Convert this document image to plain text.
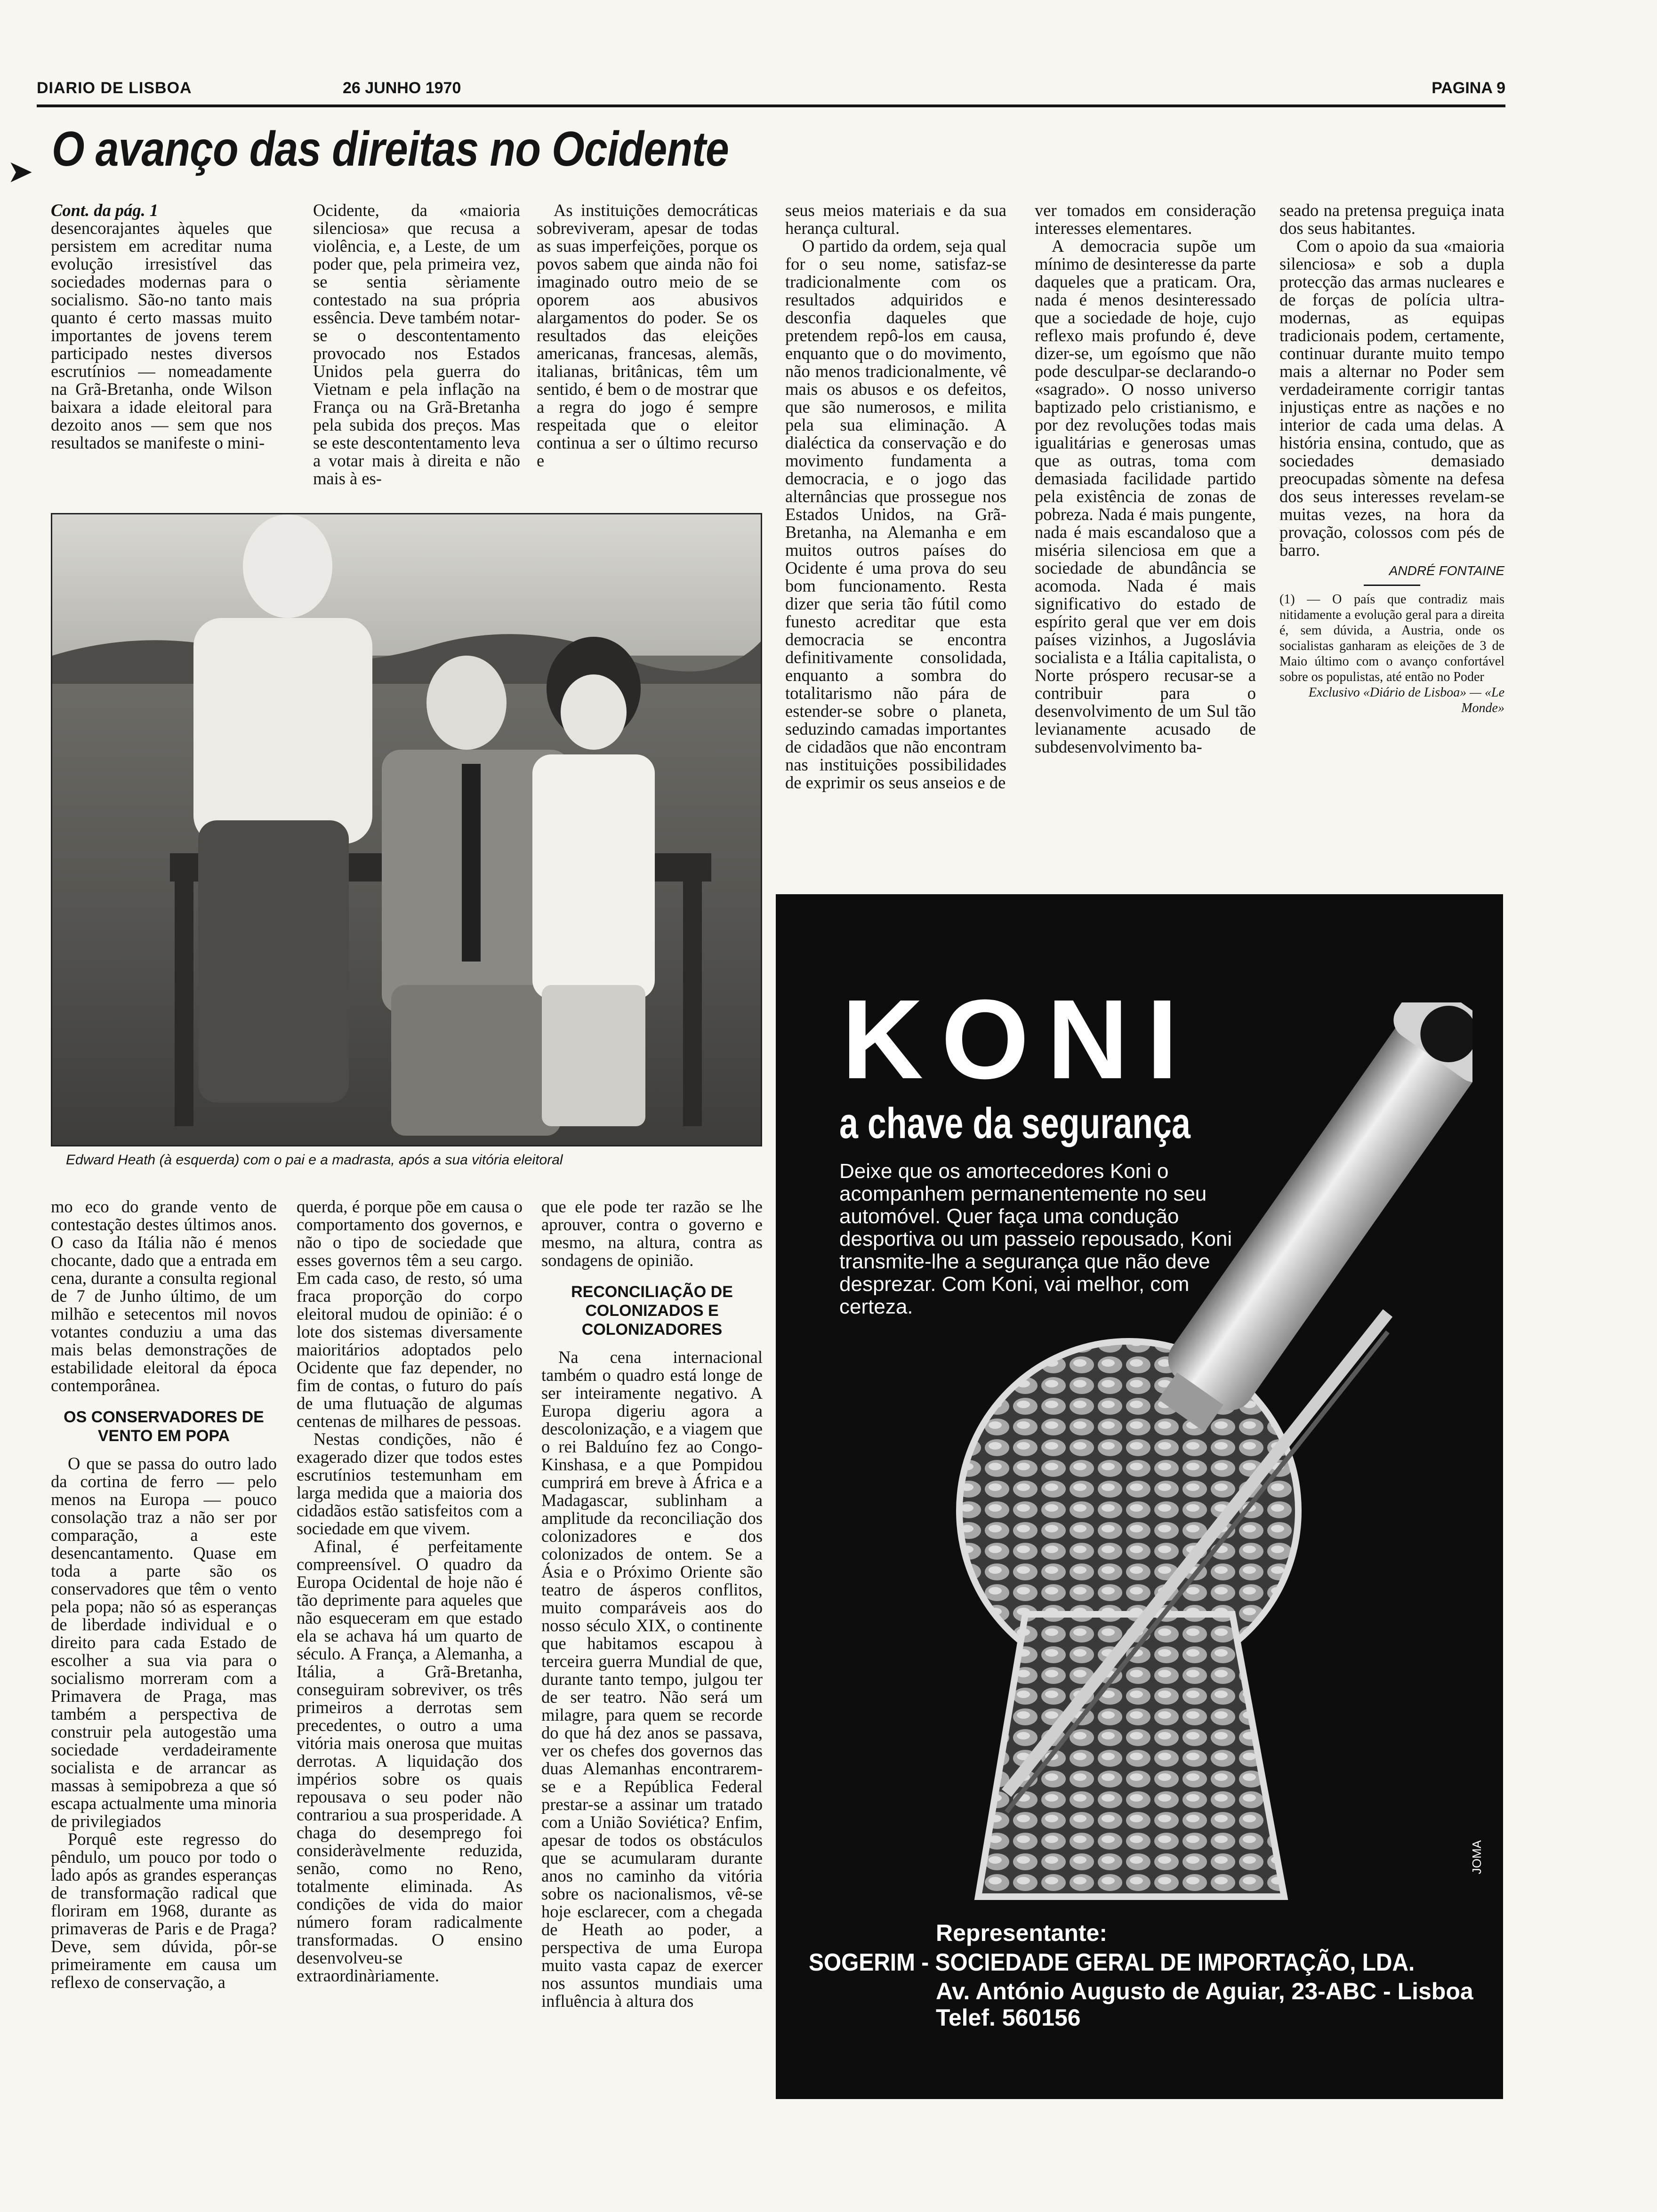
DIARIO DE LISBOA	26 JUNHO 1970	PAGINA 9
➤ O avanço das direitas no Ocidente

Cont. da pág. 1

desencorajantes àqueles que persistem em acreditar numa evolução irresistível das sociedades modernas para o socialismo. São-no tanto mais quanto é certo massas muito importantes de jovens terem participado nestes diversos escrutínios — nomeadamente na Grã-Bretanha, onde Wilson baixara a idade eleitoral para dezoito anos — sem que nos resultados se manifeste o mini-

Ocidente, da «maioria silenciosa» que recusa a violência, e, a Leste, de um poder que, pela primeira vez, se sentia sèriamente contestado na sua própria essência. Deve também notar-se o descontentamento provocado nos Estados Unidos pela guerra do Vietnam e pela inflação na França ou na Grã-Bretanha pela subida dos preços. Mas se este descontentamento leva a votar mais à direita e não mais à es-

As instituições democráticas sobreviveram, apesar de todas as suas imperfeições, porque os povos sabem que ainda não foi imaginado outro meio de se oporem aos abusivos alargamentos do poder. Se os resultados das eleições americanas, francesas, alemãs, italianas, britânicas, têm um sentido, é bem o de mostrar que a regra do jogo é sempre respeitada que o eleitor continua a ser o último recurso e

seus meios materiais e da sua herança cultural.

O partido da ordem, seja qual for o seu nome, satisfaz-se tradicionalmente com os resultados adquiridos e desconfia daqueles que pretendem repô-los em causa, enquanto que o do movimento, não menos tradicionalmente, vê mais os abusos e os defeitos, que são numerosos, e milita pela sua eliminação. A dialéctica da conservação e do movimento fundamenta a democracia, e o jogo das alternâncias que prossegue nos Estados Unidos, na Grã-Bretanha, na Alemanha e em muitos outros países do Ocidente é uma prova do seu bom funcionamento. Resta dizer que seria tão fútil como funesto acreditar que esta democracia se encontra definitivamente consolidada, enquanto a sombra do totalitarismo não pára de estender-se sobre o planeta, seduzindo camadas importantes de cidadãos que não encontram nas instituições possibilidades de exprimir os seus anseios e de

ver tomados em consideração interesses elementares.

A democracia supõe um mínimo de desinteresse da parte daqueles que a praticam. Ora, nada é menos desinteressado que a sociedade de hoje, cujo reflexo mais profundo é, deve dizer-se, um egoísmo que não pode desculpar-se declarando-o «sagrado». O nosso universo baptizado pelo cristianismo, e por dez revoluções todas mais igualitárias e generosas umas que as outras, toma com demasiada facilidade partido pela existência de zonas de pobreza. Nada é mais pungente, nada é mais escandaloso que a miséria silenciosa em que a sociedade de abundância se acomoda. Nada é mais significativo do estado de espírito geral que ver em dois países vizinhos, a Jugoslávia socialista e a Itália capitalista, o Norte próspero recusar-se a contribuir para o desenvolvimento de um Sul tão levianamente acusado de subdesenvolvimento ba-

seado na pretensa preguiça inata dos seus habitantes.

Com o apoio da sua «maioria silenciosa» e sob a dupla protecção das armas nucleares e de forças de polícia ultra-modernas, as equipas tradicionais podem, certamente, continuar durante muito tempo mais a alternar no Poder sem verdadeiramente corrigir tantas injustiças entre as nações e no interior de cada uma delas. A história ensina, contudo, que as sociedades demasiado preocupadas sòmente na defesa dos seus interesses revelam-se muitas vezes, na hora da provação, colossos com pés de barro.

ANDRÉ FONTAINE
(1) — O país que contradiz mais nitidamente a evolução geral para a direita é, sem dúvida, a Austria, onde os socialistas ganharam as eleições de 3 de Maio último com o avanço confortável sobre os populistas, até então no Poder
Exclusivo «Diário de Lisboa» — «Le Monde»
Edward Heath (à esquerda) com o pai e a madrasta, após a sua vitória eleitoral

mo eco do grande vento de contestação destes últimos anos. O caso da Itália não é menos chocante, dado que a entrada em cena, durante a consulta regional de 7 de Junho último, de um milhão e setecentos mil novos votantes conduziu a uma das mais belas demonstrações de estabilidade eleitoral da época contemporânea.

OS CONSERVADORES DE VENTO EM POPA

O que se passa do outro lado da cortina de ferro — pelo menos na Europa — pouco consolação traz a não ser por comparação, a este desencantamento. Quase em toda a parte são os conservadores que têm o vento pela popa; não só as esperanças de liberdade individual e o direito para cada Estado de escolher a sua via para o socialismo morreram com a Primavera de Praga, mas também a perspectiva de construir pela autogestão uma sociedade verdadeiramente socialista e de arrancar as massas à semipobreza a que só escapa actualmente uma minoria de privilegiados

Porquê este regresso do pêndulo, um pouco por todo o lado após as grandes esperanças de transformação radical que floriram em 1968, durante as primaveras de Paris e de Praga? Deve, sem dúvida, pôr-se primeiramente em causa um reflexo de conservação, a

querda, é porque põe em causa o comportamento dos governos, e não o tipo de sociedade que esses governos têm a seu cargo. Em cada caso, de resto, só uma fraca proporção do corpo eleitoral mudou de opinião: é o lote dos sistemas diversamente maioritários adoptados pelo Ocidente que faz depender, no fim de contas, o futuro do país de uma flutuação de algumas centenas de milhares de pessoas.

Nestas condições, não é exagerado dizer que todos estes escrutínios testemunham em larga medida que a maioria dos cidadãos estão satisfeitos com a sociedade em que vivem.

Afinal, é perfeitamente compreensível. O quadro da Europa Ocidental de hoje não é tão deprimente para aqueles que não esqueceram em que estado ela se achava há um quarto de século. A França, a Alemanha, a Itália, a Grã-Bretanha, conseguiram sobreviver, os três primeiros a derrotas sem precedentes, o outro a uma vitória mais onerosa que muitas derrotas. A liquidação dos impérios sobre os quais repousava o seu poder não contrariou a sua prosperidade. A chaga do desemprego foi consideràvelmente reduzida, senão, como no Reno, totalmente eliminada. As condições de vida do maior número foram radicalmente transformadas. O ensino desenvolveu-se extraordinàriamente.

que ele pode ter razão se lhe aprouver, contra o governo e mesmo, na altura, contra as sondagens de opinião.

RECONCILIAÇÃO DE COLONIZADOS E COLONIZADORES

Na cena internacional também o quadro está longe de ser inteiramente negativo. A Europa digeriu agora a descolonização, e a viagem que o rei Balduíno fez ao Congo-Kinshasa, e a que Pompidou cumprirá em breve à África e a Madagascar, sublinham a amplitude da reconciliação dos colonizadores e dos colonizados de ontem. Se a Ásia e o Próximo Oriente são teatro de ásperos conflitos, muito comparáveis aos do nosso século XIX, o continente que habitamos escapou à terceira guerra Mundial de que, durante tanto tempo, julgou ter de ser teatro. Não será um milagre, para quem se recorde do que há dez anos se passava, ver os chefes dos governos das duas Alemanhas encontrarem-se e a República Federal prestar-se a assinar um tratado com a União Soviética? Enfim, apesar de todos os obstáculos que se acumularam durante anos no caminho da vitória sobre os nacionalismos, vê-se hoje esclarecer, com a chegada de Heath ao poder, a perspectiva de uma Europa muito vasta capaz de exercer nos assuntos mundiais uma influência à altura dos

KONI
a chave da segurança
Deixe que os amortecedores Koni o acompanhem permanentemente no seu automóvel. Quer faça uma condução desportiva ou um passeio repousado, Koni transmite-lhe a segurança que não deve desprezar. Com Koni, vai melhor, com certeza.
Representante:
SOGERIM - SOCIEDADE GERAL DE IMPORTAÇÃO, LDA.
Av. António Augusto de Aguiar, 23-ABC - Lisboa
Telef. 560156
JOMA
